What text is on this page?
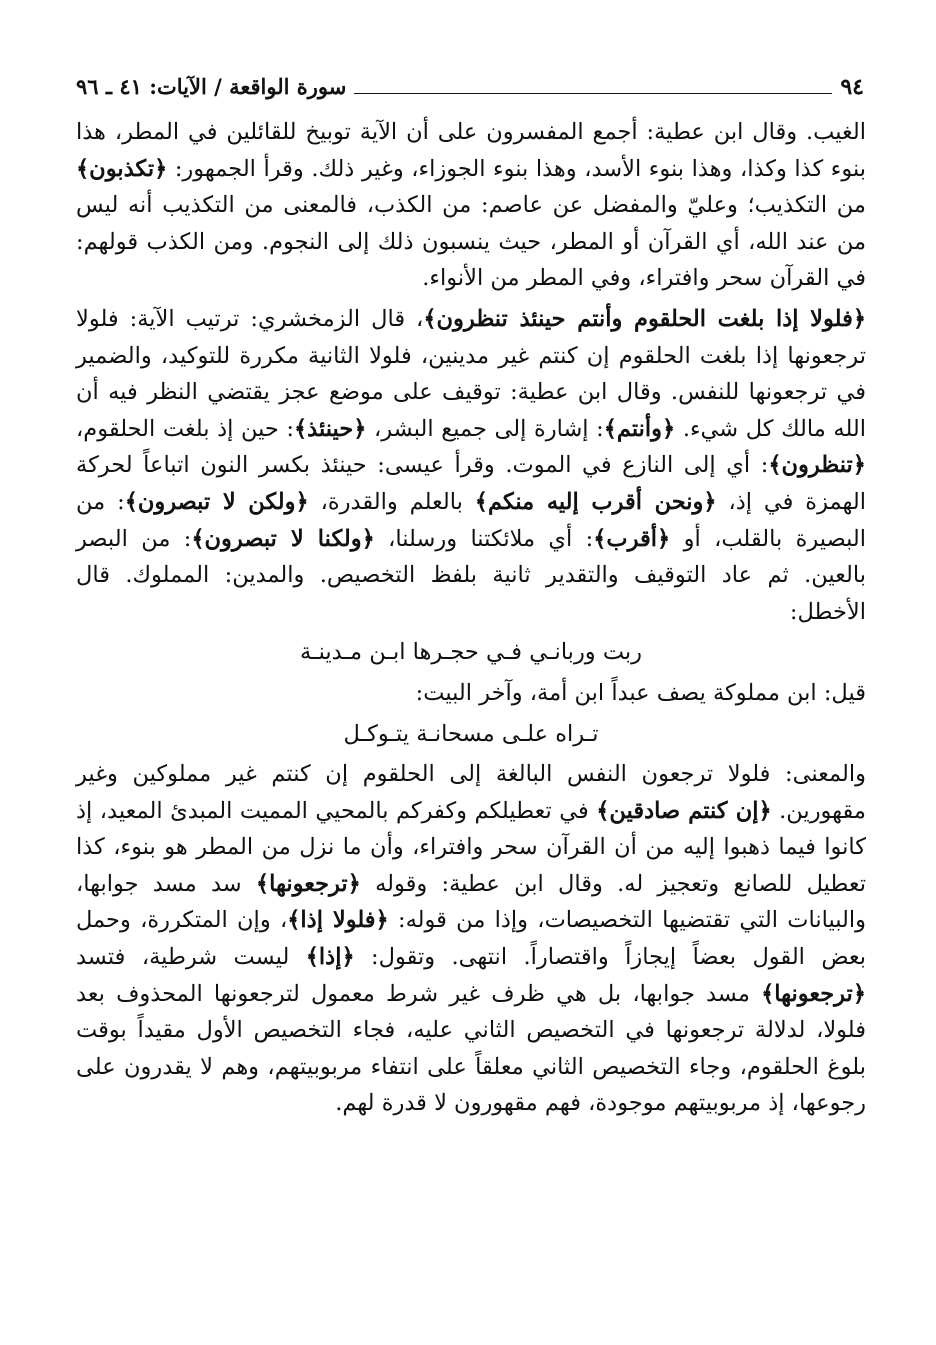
٩٤
سورة الواقعة / الآيات: ٤١ ـ ٩٦

الغيب. وقال ابن عطية: أجمع المفسرون على أن الآية توبيخ للقائلين في المطر، هذا بنوء كذا وكذا، وهذا بنوء الأسد، وهذا بنوء الجوزاء، وغير ذلك. وقرأ الجمهور: ﴿تكذبون﴾ من التكذيب؛ وعليّ والمفضل عن عاصم: من الكذب، فالمعنى من التكذيب أنه ليس من عند الله، أي القرآن أو المطر، حيث ينسبون ذلك إلى النجوم. ومن الكذب قولهم: في القرآن سحر وافتراء، وفي المطر من الأنواء.

﴿فلولا إذا بلغت الحلقوم وأنتم حينئذ تنظرون﴾، قال الزمخشري: ترتيب الآية: فلولا ترجعونها إذا بلغت الحلقوم إن كنتم غير مدينين، فلولا الثانية مكررة للتوكيد، والضمير في ترجعونها للنفس. وقال ابن عطية: توقيف على موضع عجز يقتضي النظر فيه أن الله مالك كل شيء. ﴿وأنتم﴾: إشارة إلى جميع البشر، ﴿حينئذ﴾: حين إذ بلغت الحلقوم، ﴿تنظرون﴾: أي إلى النازع في الموت. وقرأ عيسى: حينئذ بكسر النون اتباعاً لحركة الهمزة في إذ، ﴿ونحن أقرب إليه منكم﴾ بالعلم والقدرة، ﴿ولكن لا تبصرون﴾: من البصيرة بالقلب، أو ﴿أقرب﴾: أي ملائكتنا ورسلنا، ﴿ولكنا لا تبصرون﴾: من البصر بالعين. ثم عاد التوقيف والتقدير ثانية بلفظ التخصيص. والمدين: المملوك. قال الأخطل:

ربت وربانـي فـي حجـرها ابـن مـدينـة

قيل: ابن مملوكة يصف عبداً ابن أمة، وآخر البيت:

تـراه علـى مسحانـة يتـوكـل

والمعنى: فلولا ترجعون النفس البالغة إلى الحلقوم إن كنتم غير مملوكين وغير مقهورين. ﴿إن كنتم صادقين﴾ في تعطيلكم وكفركم بالمحيي المميت المبدئ المعيد، إذ كانوا فيما ذهبوا إليه من أن القرآن سحر وافتراء، وأن ما نزل من المطر هو بنوء، كذا تعطيل للصانع وتعجيز له. وقال ابن عطية: وقوله ﴿ترجعونها﴾ سد مسد جوابها، والبيانات التي تقتضيها التخصيصات، وإذا من قوله: ﴿فلولا إذا﴾، وإن المتكررة، وحمل بعض القول بعضاً إيجازاً واقتصاراً. انتهى. وتقول: ﴿إذا﴾ ليست شرطية، فتسد ﴿ترجعونها﴾ مسد جوابها، بل هي ظرف غير شرط معمول لترجعونها المحذوف بعد فلولا، لدلالة ترجعونها في التخصيص الثاني عليه، فجاء التخصيص الأول مقيداً بوقت بلوغ الحلقوم، وجاء التخصيص الثاني معلقاً على انتفاء مربوبيتهم، وهم لا يقدرون على رجوعها، إذ مربوبيتهم موجودة، فهم مقهورون لا قدرة لهم.
